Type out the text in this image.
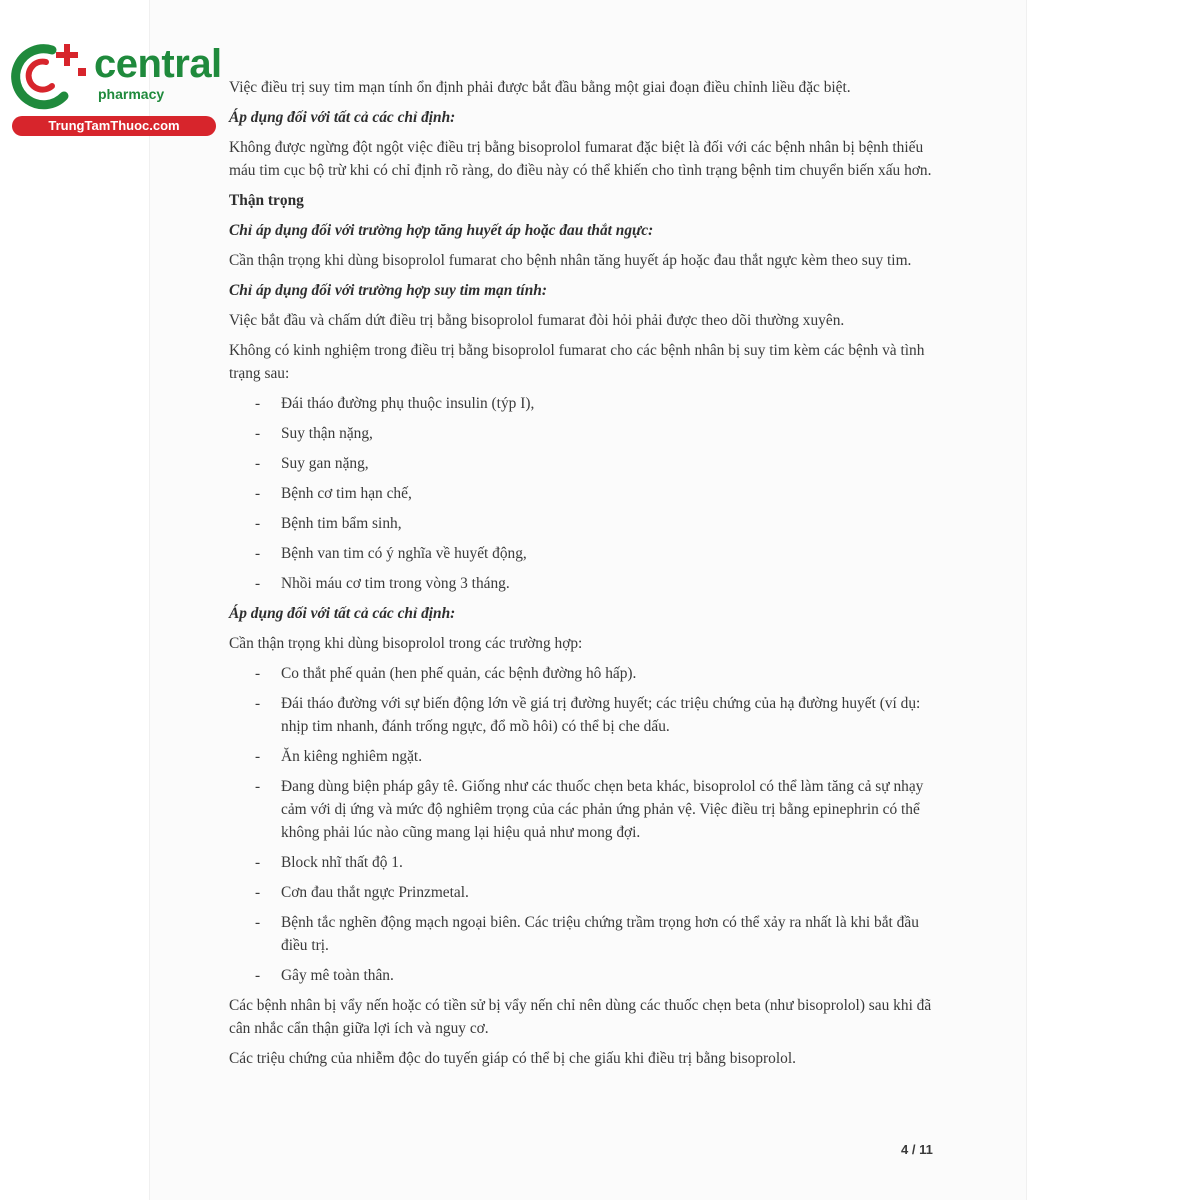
central
pharmacy
TrungTamThuoc.com

Việc điều trị suy tim mạn tính ổn định phải được bắt đầu bằng một giai đoạn điều chỉnh liều đặc biệt.

Áp dụng đối với tất cả các chỉ định:

Không được ngừng đột ngột việc điều trị bằng bisoprolol fumarat đặc biệt là đối với các bệnh nhân bị bệnh thiếu máu tim cục bộ trừ khi có chỉ định rõ ràng, do điều này có thể khiến cho tình trạng bệnh tim chuyển biến xấu hơn.

Thận trọng

Chỉ áp dụng đối với trường hợp tăng huyết áp hoặc đau thắt ngực:

Cần thận trọng khi dùng bisoprolol fumarat cho bệnh nhân tăng huyết áp hoặc đau thắt ngực kèm theo suy tim.

Chỉ áp dụng đối với trường hợp suy tim mạn tính:

Việc bắt đầu và chấm dứt điều trị bằng bisoprolol fumarat đòi hỏi phải được theo dõi thường xuyên.

Không có kinh nghiệm trong điều trị bằng bisoprolol fumarat cho các bệnh nhân bị suy tim kèm các bệnh và tình trạng sau:

- Đái tháo đường phụ thuộc insulin (týp I),
- Suy thận nặng,
- Suy gan nặng,
- Bệnh cơ tim hạn chế,
- Bệnh tim bẩm sinh,
- Bệnh van tim có ý nghĩa về huyết động,
- Nhồi máu cơ tim trong vòng 3 tháng.

Áp dụng đối với tất cả các chỉ định:

Cần thận trọng khi dùng bisoprolol trong các trường hợp:

- Co thắt phế quản (hen phế quản, các bệnh đường hô hấp).
- Đái tháo đường với sự biến động lớn về giá trị đường huyết; các triệu chứng của hạ đường huyết (ví dụ: nhịp tim nhanh, đánh trống ngực, đổ mồ hôi) có thể bị che dấu.
- Ăn kiêng nghiêm ngặt.
- Đang dùng biện pháp gây tê. Giống như các thuốc chẹn beta khác, bisoprolol có thể làm tăng cả sự nhạy cảm với dị ứng và mức độ nghiêm trọng của các phản ứng phản vệ. Việc điều trị bằng epinephrin có thể không phải lúc nào cũng mang lại hiệu quả như mong đợi.
- Block nhĩ thất độ 1.
- Cơn đau thắt ngực Prinzmetal.
- Bệnh tắc nghẽn động mạch ngoại biên. Các triệu chứng trầm trọng hơn có thể xảy ra nhất là khi bắt đầu điều trị.
- Gây mê toàn thân.

Các bệnh nhân bị vẩy nến hoặc có tiền sử bị vẩy nến chỉ nên dùng các thuốc chẹn beta (như bisoprolol) sau khi đã cân nhắc cẩn thận giữa lợi ích và nguy cơ.

Các triệu chứng của nhiễm độc do tuyến giáp có thể bị che giấu khi điều trị bằng bisoprolol.

4 / 11
